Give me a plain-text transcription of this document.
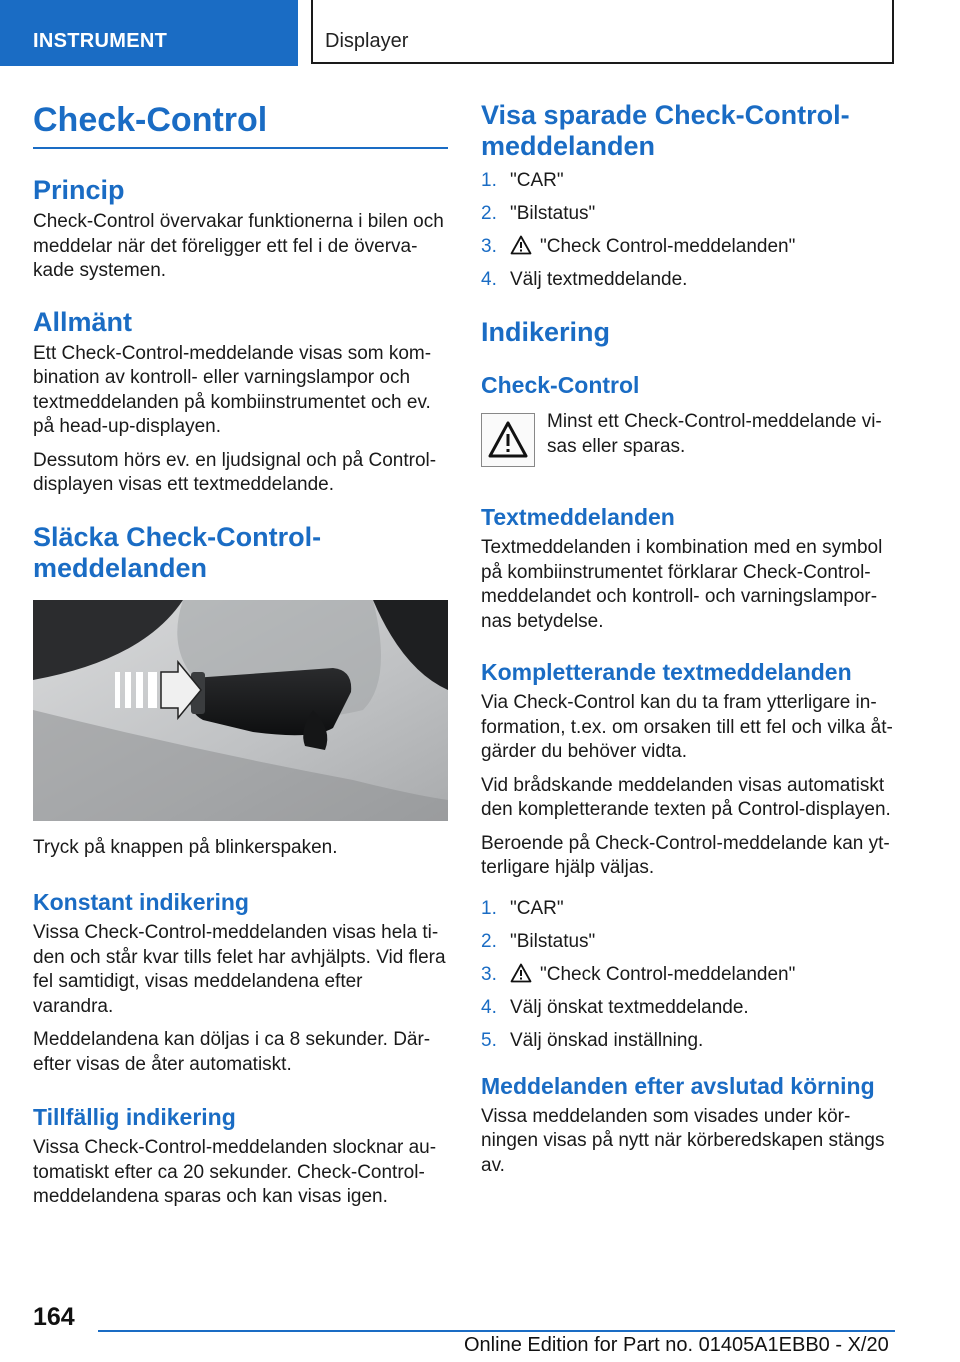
INSTRUMENT	Displayer
Check-Control
Princip

Check-Control övervakar funktionerna i bilen och
meddelar när det föreligger ett fel i de överva-
kade systemen.

Allmänt

Ett Check-Control-meddelande visas som kom-
bination av kontroll- eller varningslampor och
textmeddelanden på kombiinstrumentet och ev.
på head-up-displayen.

Dessutom hörs ev. en ljudsignal och på Control-
displayen visas ett textmeddelande.

Släcka Check-Control-
meddelanden

Tryck på knappen på blinkerspaken.

Konstant indikering

Vissa Check-Control-meddelanden visas hela ti-
den och står kvar tills felet har avhjälpts. Vid flera
fel samtidigt, visas meddelandena efter varandra.

Meddelandena kan döljas i ca 8 sekunder. Där-
efter visas de åter automatiskt.

Tillfällig indikering

Vissa Check-Control-meddelanden slocknar au-
tomatiskt efter ca 20 sekunder. Check-Control-
meddelandena sparas och kan visas igen.

Visa sparade Check-Control-
meddelanden
1. "CAR"
2. "Bilstatus"
3. "Check Control-meddelanden"
4. Välj textmeddelande.
Indikering
Check-Control

Minst ett Check-Control-meddelande vi-
sas eller sparas.

Textmeddelanden

Textmeddelanden i kombination med en symbol
på kombiinstrumentet förklarar Check-Control-
meddelandet och kontroll- och varningslampor-
nas betydelse.

Kompletterande textmeddelanden

Via Check-Control kan du ta fram ytterligare in-
formation, t.ex. om orsaken till ett fel och vilka åt-
gärder du behöver vidta.

Vid brådskande meddelanden visas automatiskt
den kompletterande texten på Control-displayen.

Beroende på Check-Control-meddelande kan yt-
terligare hjälp väljas.

1. "CAR"
2. "Bilstatus"
3. "Check Control-meddelanden"
4. Välj önskat textmeddelande.
5. Välj önskad inställning.
Meddelanden efter avslutad körning

Vissa meddelanden som visades under kör-
ningen visas på nytt när körberedskapen stängs
av.

164
Online Edition for Part no. 01405A1EBB0 - X/20
